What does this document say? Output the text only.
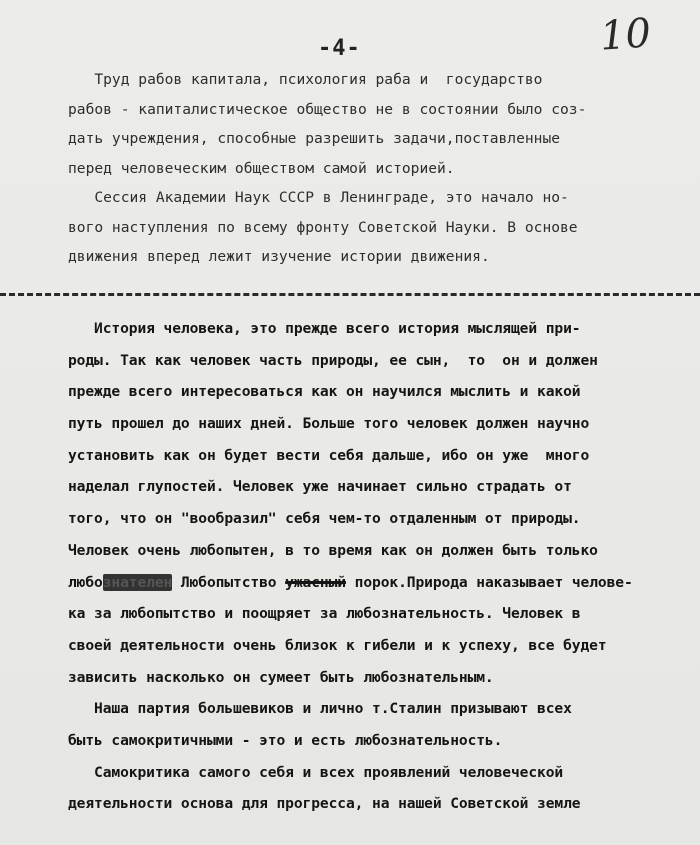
10
-4-
Труд рабов капитала, психология раба и  государство
рабов - капиталистическое общество не в состоянии было соз-
дать учреждения, способные разрешить задачи,поставленные
перед человеческим обществом самой историей.
Сессия Академии Наук СССР в Ленинграде, это начало но-
вого наступления по всему фронту Советской Науки. В основе
движения вперед лежит изучение истории движения.
История человека, это прежде всего история мыслящей при-
роды. Так как человек часть природы, ее сын,  то  он и должен
прежде всего интересоваться как он научился мыслить и какой
путь прошел до наших дней. Больше того человек должен научно
установить как он будет вести себя дальше, ибо он уже  много
наделал глупостей. Человек уже начинает сильно страдать от
того, что он "вообразил" себя чем-то отдаленным от природы.
Человек очень любопытен, в то время как он должен быть только
любознателен Любопытство ужасный порок.Природа наказывает челове-
ка за любопытство и поощряет за любознательность. Человек в
своей деятельности очень близок к гибели и к успеху, все будет
зависить насколько он сумеет быть любознательным.
Наша партия большевиков и лично т.Сталин призывают всех
быть самокритичными - это и есть любознательность.
Самокритика самого себя и всех проявлений человеческой
деятельности основа для прогресса, на нашей Советской земле
